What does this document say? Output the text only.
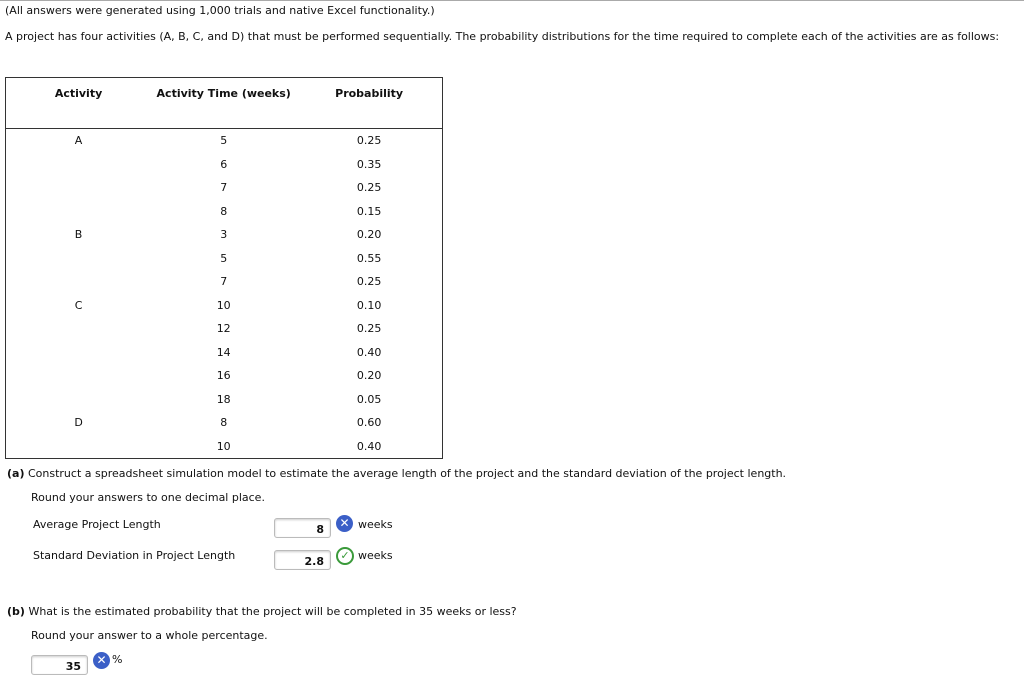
(All answers were generated using 1,000 trials and native Excel functionality.)
A project has four activities (A, B, C, and D) that must be performed sequentially. The probability distributions for the time required to complete each of the activities are as follows:
Activity	Activity Time (weeks)	Probability
A	5	0.25
	6	0.35
	7	0.25
	8	0.15
B	3	0.20
	5	0.55
	7	0.25
C	10	0.10
	12	0.25
	14	0.40
	16	0.20
	18	0.05
D	8	0.60
	10	0.40
(a) Construct a spreadsheet simulation model to estimate the average length of the project and the standard deviation of the project length.
Round your answers to one decimal place.
Average Project Length	8	✕ weeks
Standard Deviation in Project Length	2.8	✓ weeks
(b) What is the estimated probability that the project will be completed in 35 weeks or less?
Round your answer to a whole percentage.
35	✕ %
